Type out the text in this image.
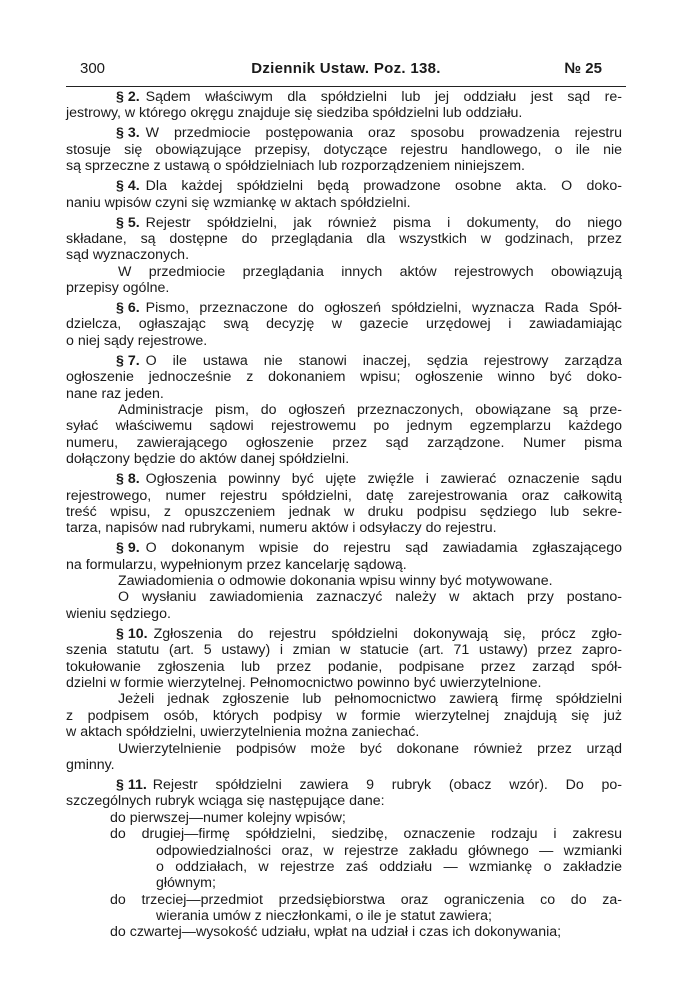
300	Dziennik Ustaw. Poz. 138.	№ 25
§ 2. Sądem właściwym dla spółdzielni lub jej oddziału jest sąd re-
jestrowy, w którego okręgu znajduje się siedziba spółdzielni lub oddziału.
§ 3. W przedmiocie postępowania oraz sposobu prowadzenia rejestru
stosuje się obowiązujące przepisy, dotyczące rejestru handlowego, o ile nie
są sprzeczne z ustawą o spółdzielniach lub rozporządzeniem niniejszem.
§ 4. Dla każdej spółdzielni będą prowadzone osobne akta. O doko-
naniu wpisów czyni się wzmiankę w aktach spółdzielni.
§ 5. Rejestr spółdzielni, jak również pisma i dokumenty, do niego
składane, są dostępne do przeglądania dla wszystkich w godzinach, przez
sąd wyznaczonych.
W przedmiocie przeglądania innych aktów rejestrowych obowiązują
przepisy ogólne.
§ 6. Pismo, przeznaczone do ogłoszeń spółdzielni, wyznacza Rada Spół-
dzielcza, ogłaszając swą decyzję w gazecie urzędowej i zawiadamiając
o niej sądy rejestrowe.
§ 7. O ile ustawa nie stanowi inaczej, sędzia rejestrowy zarządza
ogłoszenie jednocześnie z dokonaniem wpisu; ogłoszenie winno być doko-
nane raz jeden.
Administracje pism, do ogłoszeń przeznaczonych, obowiązane są prze-
syłać właściwemu sądowi rejestrowemu po jednym egzemplarzu każdego
numeru, zawierającego ogłoszenie przez sąd zarządzone. Numer pisma
dołączony będzie do aktów danej spółdzielni.
§ 8. Ogłoszenia powinny być ujęte zwięźle i zawierać oznaczenie sądu
rejestrowego, numer rejestru spółdzielni, datę zarejestrowania oraz całkowitą
treść wpisu, z opuszczeniem jednak w druku podpisu sędziego lub sekre-
tarza, napisów nad rubrykami, numeru aktów i odsyłaczy do rejestru.
§ 9. O dokonanym wpisie do rejestru sąd zawiadamia zgłaszającego
na formularzu, wypełnionym przez kancelarję sądową.
Zawiadomienia o odmowie dokonania wpisu winny być motywowane.
O wysłaniu zawiadomienia zaznaczyć należy w aktach przy postano-
wieniu sędziego.
§ 10. Zgłoszenia do rejestru spółdzielni dokonywają się, prócz zgło-
szenia statutu (art. 5 ustawy) i zmian w statucie (art. 71 ustawy) przez zapro-
tokułowanie zgłoszenia lub przez podanie, podpisane przez zarząd spół-
dzielni w formie wierzytelnej. Pełnomocnictwo powinno być uwierzytelnione.
Jeżeli jednak zgłoszenie lub pełnomocnictwo zawierą firmę spółdzielni
z podpisem osób, których podpisy w formie wierzytelnej znajdują się już
w aktach spółdzielni, uwierzytelnienia można zaniechać.
Uwierzytelnienie podpisów może być dokonane również przez urząd
gminny.
§ 11. Rejestr spółdzielni zawiera 9 rubryk (obacz wzór). Do po-
szczególnych rubryk wciąga się następujące dane:
do pierwszej—numer kolejny wpisów;
do drugiej—firmę spółdzielni, siedzibę, oznaczenie rodzaju i zakresu
odpowiedzialności oraz, w rejestrze zakładu głównego — wzmianki
o oddziałach, w rejestrze zaś oddziału — wzmiankę o zakładzie
głównym;
do trzeciej—przedmiot przedsiębiorstwa oraz ograniczenia co do za-
wierania umów z nieczłonkami, o ile je statut zawiera;
do czwartej—wysokość udziału, wpłat na udział i czas ich dokonywania;
